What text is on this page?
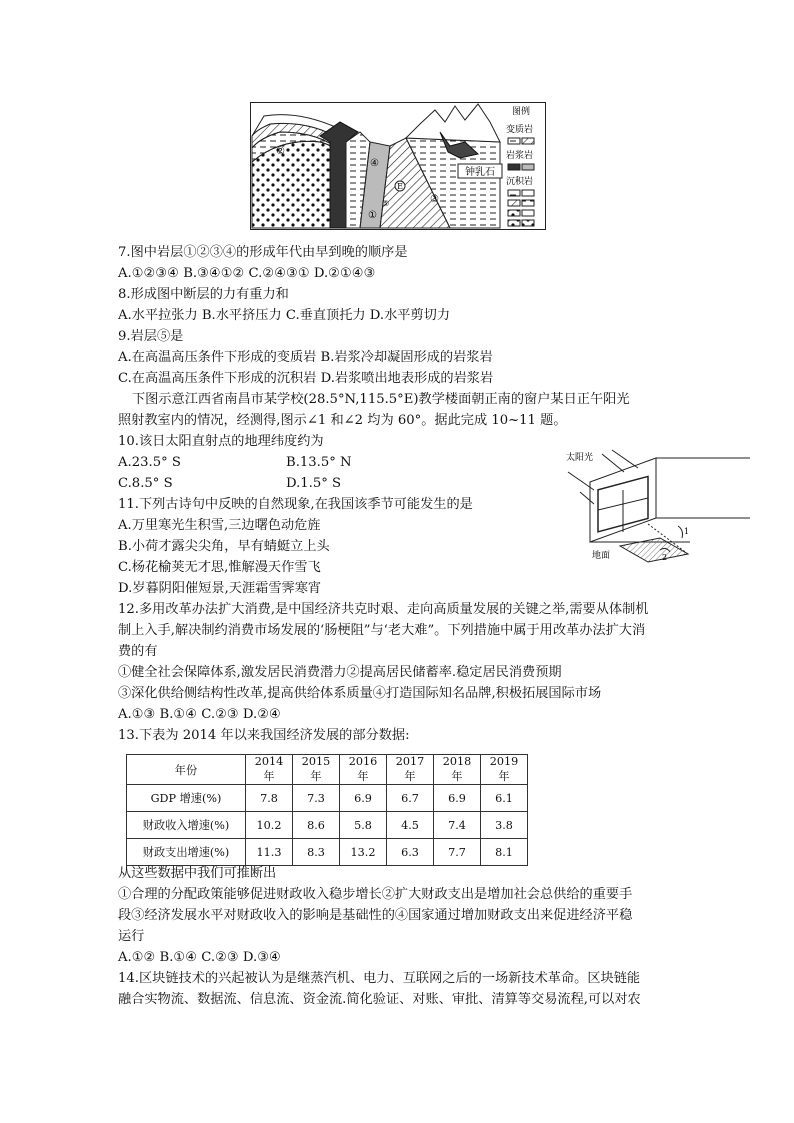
钟乳石
②
④
③
①
⑤
E
图例
变质岩
岩浆岩
沉积岩
7.图中岩层①②③④的形成年代由早到晚的顺序是
A.①②③④ B.③④①② C.②④③① D.②①④③
8.形成图中断层的力有重力和
A.水平拉张力 B.水平挤压力 C.垂直顶托力 D.水平剪切力
9.岩层⑤是
A.在高温高压条件下形成的变质岩 B.岩浆冷却凝固形成的岩浆岩
C.在高温高压条件下形成的沉积岩 D.岩浆喷出地表形成的岩浆岩
下图示意江西省南昌市某学校(28.5°N,115.5°E)教学楼面朝正南的窗户某日正午阳光
照射教室内的情况，经测得,图示∠1 和∠2 均为 60°。据此完成 10~11 题。
10.该日太阳直射点的地理纬度约为
A.23.5° S	B.13.5° N
C.8.5° S	D.1.5° S
太阳光
1
2
地面
11.下列古诗句中反映的自然现象,在我国该季节可能发生的是
A.万里寒光生积雪,三边曙色动危旌
B.小荷才露尖尖角，早有蜻蜓立上头
C.杨花榆荚无才思,惟解漫天作雪飞
D.岁暮阴阳催短景,天涯霜雪霁寒宵
12.多用改革办法扩大消费,是中国经济共克时艰、走向高质量发展的关键之举,需要从体制机
制上入手,解决制约消费市场发展的‘肠梗阻”与‘老大难”。下列措施中属于用改革办法扩大消
费的有
①健全社会保障体系,激发居民消费潜力②提高居民储蓄率.稳定居民消费预期
③深化供给侧结构性改革,提高供给体系质量④打造国际知名品牌,积极拓展国际市场
A.①③ B.①④ C.②③ D.②④
13.下表为 2014 年以来我国经济发展的部分数据:
年份	2014 年	2015 年	2016 年	2017 年	2018 年	2019 年
GDP 增速(%)	7.8	7.3	6.9	6.7	6.9	6.1
财政收入增速(%)	10.2	8.6	5.8	4.5	7.4	3.8
财政支出增速(%)	11.3	8.3	13.2	6.3	7.7	8.1
从这些数据中我们可推断出
①合理的分配政策能够促进财政收入稳步增长②扩大财政支出是增加社会总供给的重要手
段③经济发展水平对财政收入的影响是基础性的④国家通过增加财政支出来促进经济平稳
运行
A.①② B.①④ C.②③ D.③④
14.区块链技术的兴起被认为是继蒸汽机、电力、互联网之后的一场新技术革命。区块链能
融合实物流、数据流、信息流、资金流.简化验证、对账、审批、清算等交易流程,可以对农
